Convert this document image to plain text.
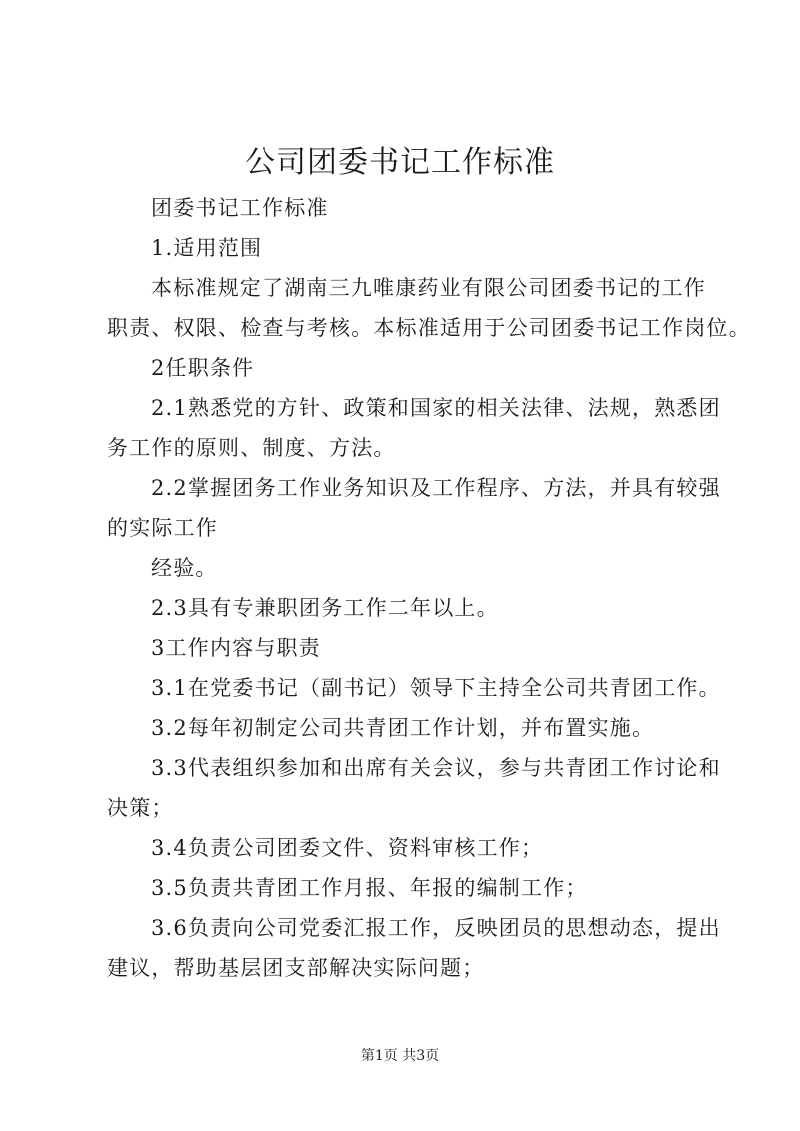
公司团委书记工作标准
团委书记工作标准
1.适用范围
本标准规定了湖南三九唯康药业有限公司团委书记的工作
职责、权限、检查与考核。本标准适用于公司团委书记工作岗位。
2任职条件
2.1熟悉党的方针、政策和国家的相关法律、法规，熟悉团
务工作的原则、制度、方法。
2.2掌握团务工作业务知识及工作程序、方法，并具有较强
的实际工作
经验。
2.3具有专兼职团务工作二年以上。
3工作内容与职责
3.1在党委书记（副书记）领导下主持全公司共青团工作。
3.2每年初制定公司共青团工作计划，并布置实施。
3.3代表组织参加和出席有关会议，参与共青团工作讨论和
决策；
3.4负责公司团委文件、资料审核工作；
3.5负责共青团工作月报、年报的编制工作；
3.6负责向公司党委汇报工作，反映团员的思想动态，提出
建议，帮助基层团支部解决实际问题；
第1页 共3页
